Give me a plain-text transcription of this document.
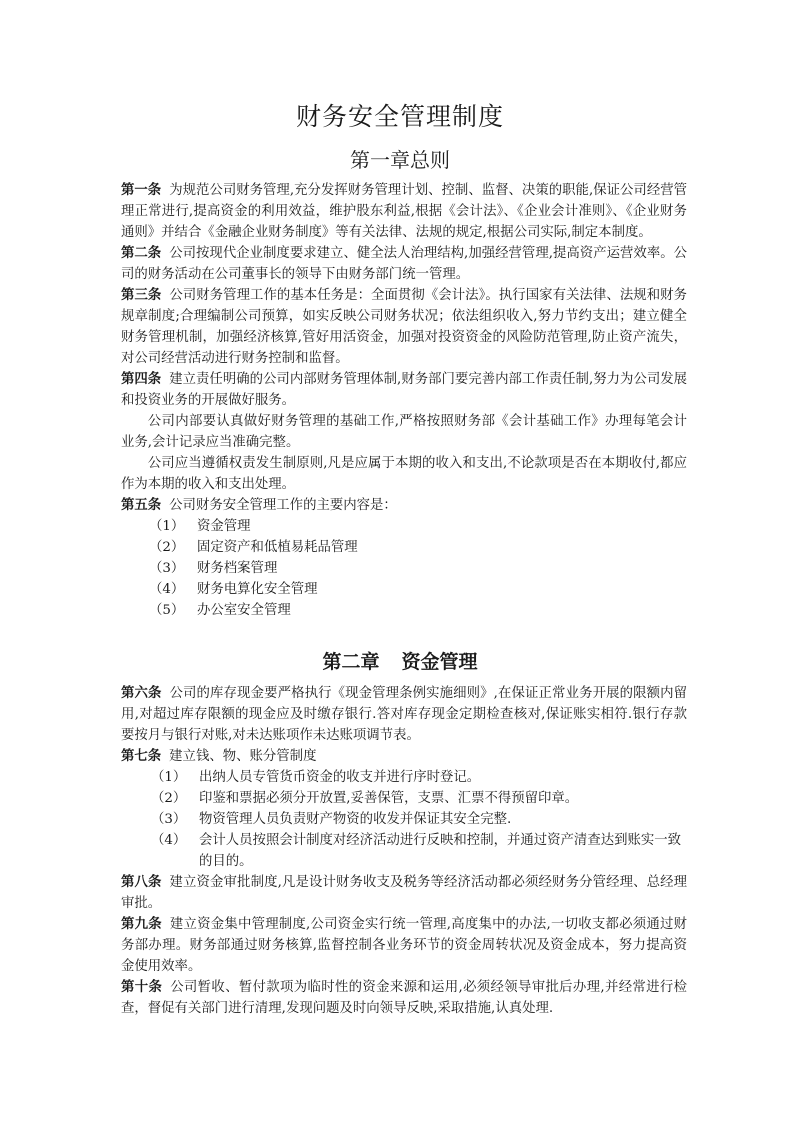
财务安全管理制度
第一章总则

第一条 为规范公司财务管理,充分发挥财务管理计划、控制、监督、决策的职能,保证公司经营管理正常进行,提高资金的利用效益，维护股东利益,根据《会计法》、《企业会计准则》、《企业财务通则》并结合《金融企业财务制度》等有关法律、法规的规定,根据公司实际,制定本制度。

第二条 公司按现代企业制度要求建立、健全法人治理结构,加强经营管理,提高资产运营效率。公司的财务活动在公司董事长的领导下由财务部门统一管理。

第三条 公司财务管理工作的基本任务是：全面贯彻《会计法》。执行国家有关法律、法规和财务规章制度;合理编制公司预算，如实反映公司财务状况；依法组织收入,努力节约支出；建立健全财务管理机制，加强经济核算,管好用活资金，加强对投资资金的风险防范管理,防止资产流失，对公司经营活动进行财务控制和监督。

第四条 建立责任明确的公司内部财务管理体制,财务部门要完善内部工作责任制,努力为公司发展和投资业务的开展做好服务。

公司内部要认真做好财务管理的基础工作,严格按照财务部《会计基础工作》办理每笔会计业务,会计记录应当准确完整。

公司应当遵循权责发生制原则,凡是应属于本期的收入和支出,不论款项是否在本期收付,都应作为本期的收入和支出处理。

第五条 公司财务安全管理工作的主要内容是：

（1） 资金管理
（2） 固定资产和低植易耗品管理
（3） 财务档案管理
（4） 财务电算化安全管理
（5） 办公室安全管理
第二章 资金管理

第六条 公司的库存现金要严格执行《现金管理条例实施细则》,在保证正常业务开展的限额内留用,对超过库存限额的现金应及时缴存银行.答对库存现金定期检查核对,保证账实相符.银行存款要按月与银行对账,对未达账项作未达账项调节表。

第七条 建立钱、物、账分管制度

（1） 出纳人员专管货币资金的收支并进行序时登记。
（2） 印鉴和票据必须分开放置,妥善保管，支票、汇票不得预留印章。
（3） 物资管理人员负责财产物资的收发并保证其安全完整.
（4） 会计人员按照会计制度对经济活动进行反映和控制，并通过资产清查达到账实一致的目的。

第八条 建立资金审批制度,凡是设计财务收支及税务等经济活动都必须经财务分管经理、总经理审批。

第九条 建立资金集中管理制度,公司资金实行统一管理,高度集中的办法,一切收支都必须通过财务部办理。财务部通过财务核算,监督控制各业务环节的资金周转状况及资金成本，努力提高资金使用效率。

第十条 公司暂收、暂付款项为临时性的资金来源和运用,必须经领导审批后办理,并经常进行检查，督促有关部门进行清理,发现问题及时向领导反映,采取措施,认真处理.
